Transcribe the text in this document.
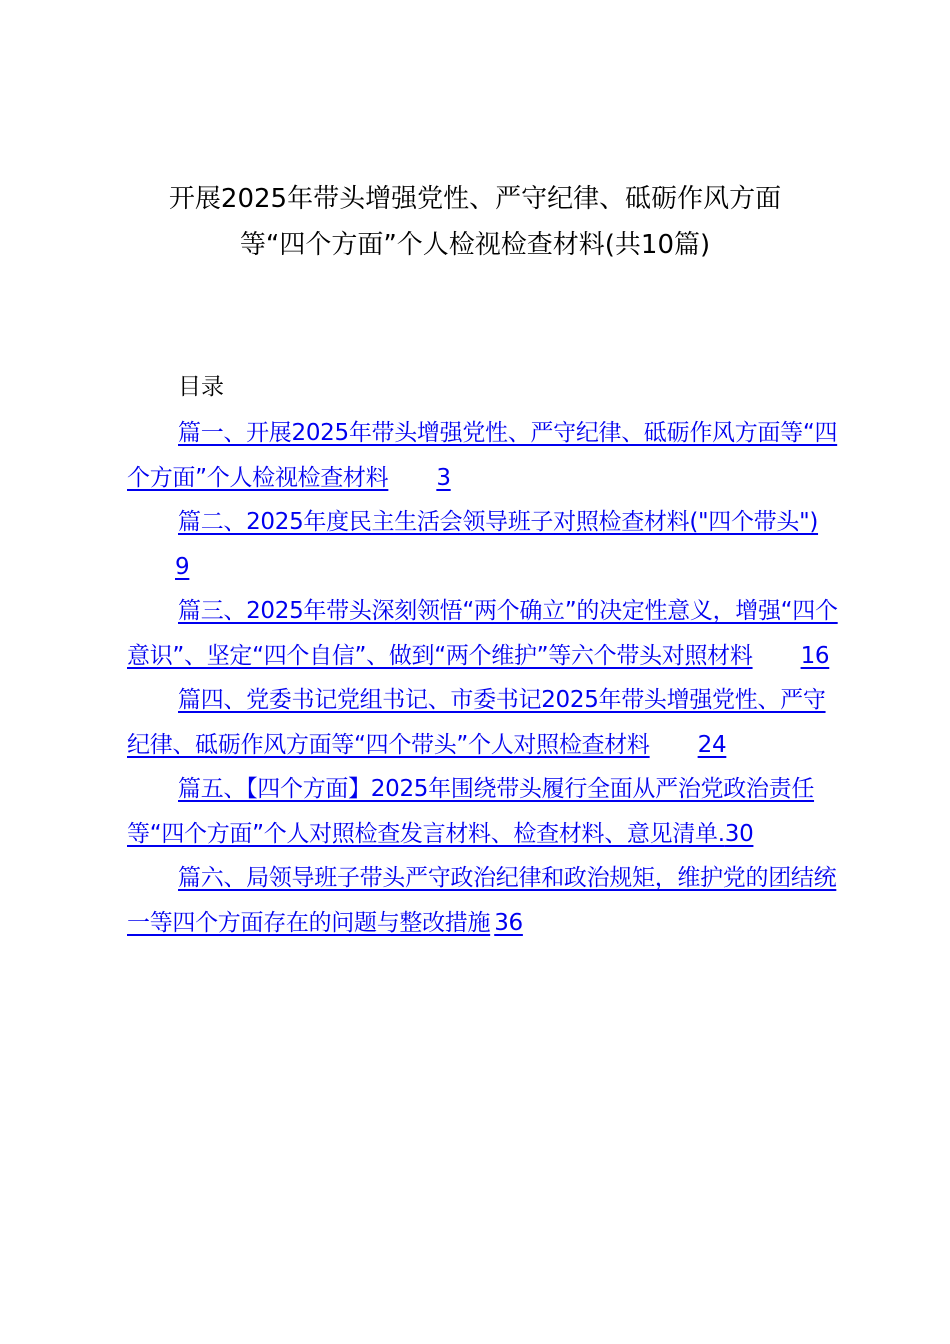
开展2025年带头增强党性、严守纪律、砥砺作风方面
等“四个方面”个人检视检查材料(共10篇)
目录
篇一、开展2025年带头增强党性、严守纪律、砥砺作风方面等“四个方面”个人检视检查材料 3
篇二、2025年度民主生活会领导班子对照检查材料("四个带头")9
篇三、2025年带头深刻领悟“两个确立”的决定性意义，增强“四个意识”、坚定“四个自信”、做到“两个维护”等六个带头对照材料 16
篇四、党委书记党组书记、市委书记2025年带头增强党性、严守纪律、砥砺作风方面等“四个带头”个人对照检查材料 24
篇五、【四个方面】2025年围绕带头履行全面从严治党政治责任等“四个方面”个人对照检查发言材料、检查材料、意见清单.30
篇六、局领导班子带头严守政治纪律和政治规矩，维护党的团结统一等四个方面存在的问题与整改措施 36
